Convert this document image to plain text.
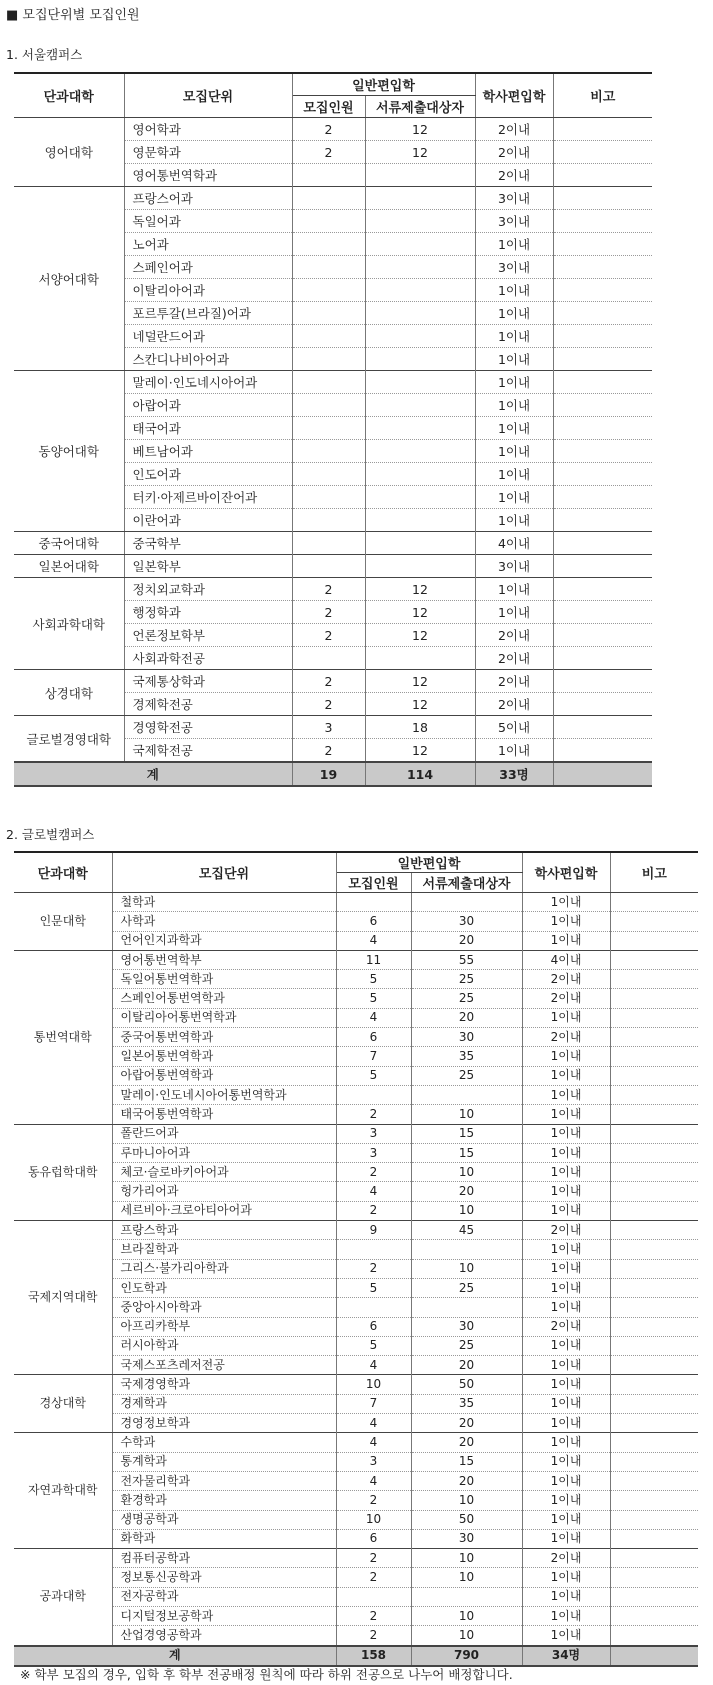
■ 모집단위별 모집인원
1. 서울캠퍼스
단과대학	모집단위	일반편입학		학사편입학	비고
		모집인원	서류제출대상자		
영어대학	영어학과	2	12	2이내	
	영문학과	2	12	2이내	
	영어통번역학과			2이내	
서양어대학	프랑스어과			3이내	
	독일어과			3이내	
	노어과			1이내	
	스페인어과			3이내	
	이탈리아어과			1이내	
	포르투갈(브라질)어과			1이내	
	네덜란드어과			1이내	
	스칸디나비아어과			1이내	
동양어대학	말레이·인도네시아어과			1이내	
	아랍어과			1이내	
	태국어과			1이내	
	베트남어과			1이내	
	인도어과			1이내	
	터키·아제르바이잔어과			1이내	
	이란어과			1이내	
중국어대학	중국학부			4이내	
일본어대학	일본학부			3이내	
사회과학대학	정치외교학과	2	12	1이내	
	행정학과	2	12	1이내	
	언론정보학부	2	12	2이내	
	사회과학전공			2이내	
상경대학	국제통상학과	2	12	2이내	
	경제학전공	2	12	2이내	
글로벌경영대학	경영학전공	3	18	5이내	
	국제학전공	2	12	1이내	
계		19	114	33명	
2. 글로벌캠퍼스
단과대학	모집단위	일반편입학		학사편입학	비고
		모집인원	서류제출대상자		
인문대학	철학과			1이내	
	사학과	6	30	1이내	
	언어인지과학과	4	20	1이내	
통번역대학	영어통번역학부	11	55	4이내	
	독일어통번역학과	5	25	2이내	
	스페인어통번역학과	5	25	2이내	
	이탈리아어통번역학과	4	20	1이내	
	중국어통번역학과	6	30	2이내	
	일본어통번역학과	7	35	1이내	
	아랍어통번역학과	5	25	1이내	
	말레이·인도네시아어통번역학과			1이내	
	태국어통번역학과	2	10	1이내	
동유럽학대학	폴란드어과	3	15	1이내	
	루마니아어과	3	15	1이내	
	체코·슬로바키아어과	2	10	1이내	
	헝가리어과	4	20	1이내	
	세르비아·크로아티아어과	2	10	1이내	
국제지역대학	프랑스학과	9	45	2이내	
	브라질학과			1이내	
	그리스·불가리아학과	2	10	1이내	
	인도학과	5	25	1이내	
	중앙아시아학과			1이내	
	아프리카학부	6	30	2이내	
	러시아학과	5	25	1이내	
	국제스포츠레저전공	4	20	1이내	
경상대학	국제경영학과	10	50	1이내	
	경제학과	7	35	1이내	
	경영정보학과	4	20	1이내	
자연과학대학	수학과	4	20	1이내	
	통계학과	3	15	1이내	
	전자물리학과	4	20	1이내	
	환경학과	2	10	1이내	
	생명공학과	10	50	1이내	
	화학과	6	30	1이내	
공과대학	컴퓨터공학과	2	10	2이내	
	정보통신공학과	2	10	1이내	
	전자공학과			1이내	
	디지털정보공학과	2	10	1이내	
	산업경영공학과	2	10	1이내	
계		158	790	34명	
※ 학부 모집의 경우, 입학 후 학부 전공배정 원칙에 따라 하위 전공으로 나누어 배정합니다.
